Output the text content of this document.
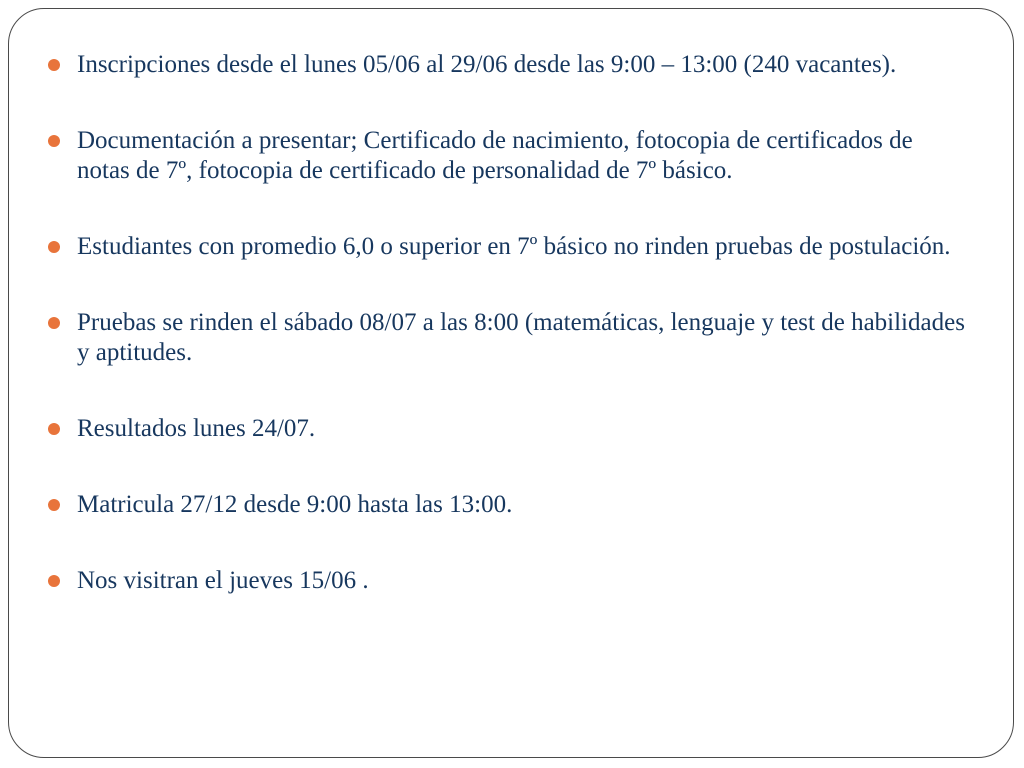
Inscripciones desde el lunes 05/06 al 29/06 desde las 9:00 – 13:00 (240 vacantes).
Documentación a presentar; Certificado de nacimiento, fotocopia de certificados de notas de 7º, fotocopia de certificado de personalidad de 7º básico.
Estudiantes con promedio 6,0 o superior en 7º básico no rinden pruebas de postulación.
Pruebas se rinden el sábado 08/07 a las 8:00 (matemáticas, lenguaje y test de habilidades y aptitudes.
Resultados lunes 24/07.
Matricula 27/12 desde 9:00 hasta las 13:00.
Nos visitran el jueves 15/06 .
